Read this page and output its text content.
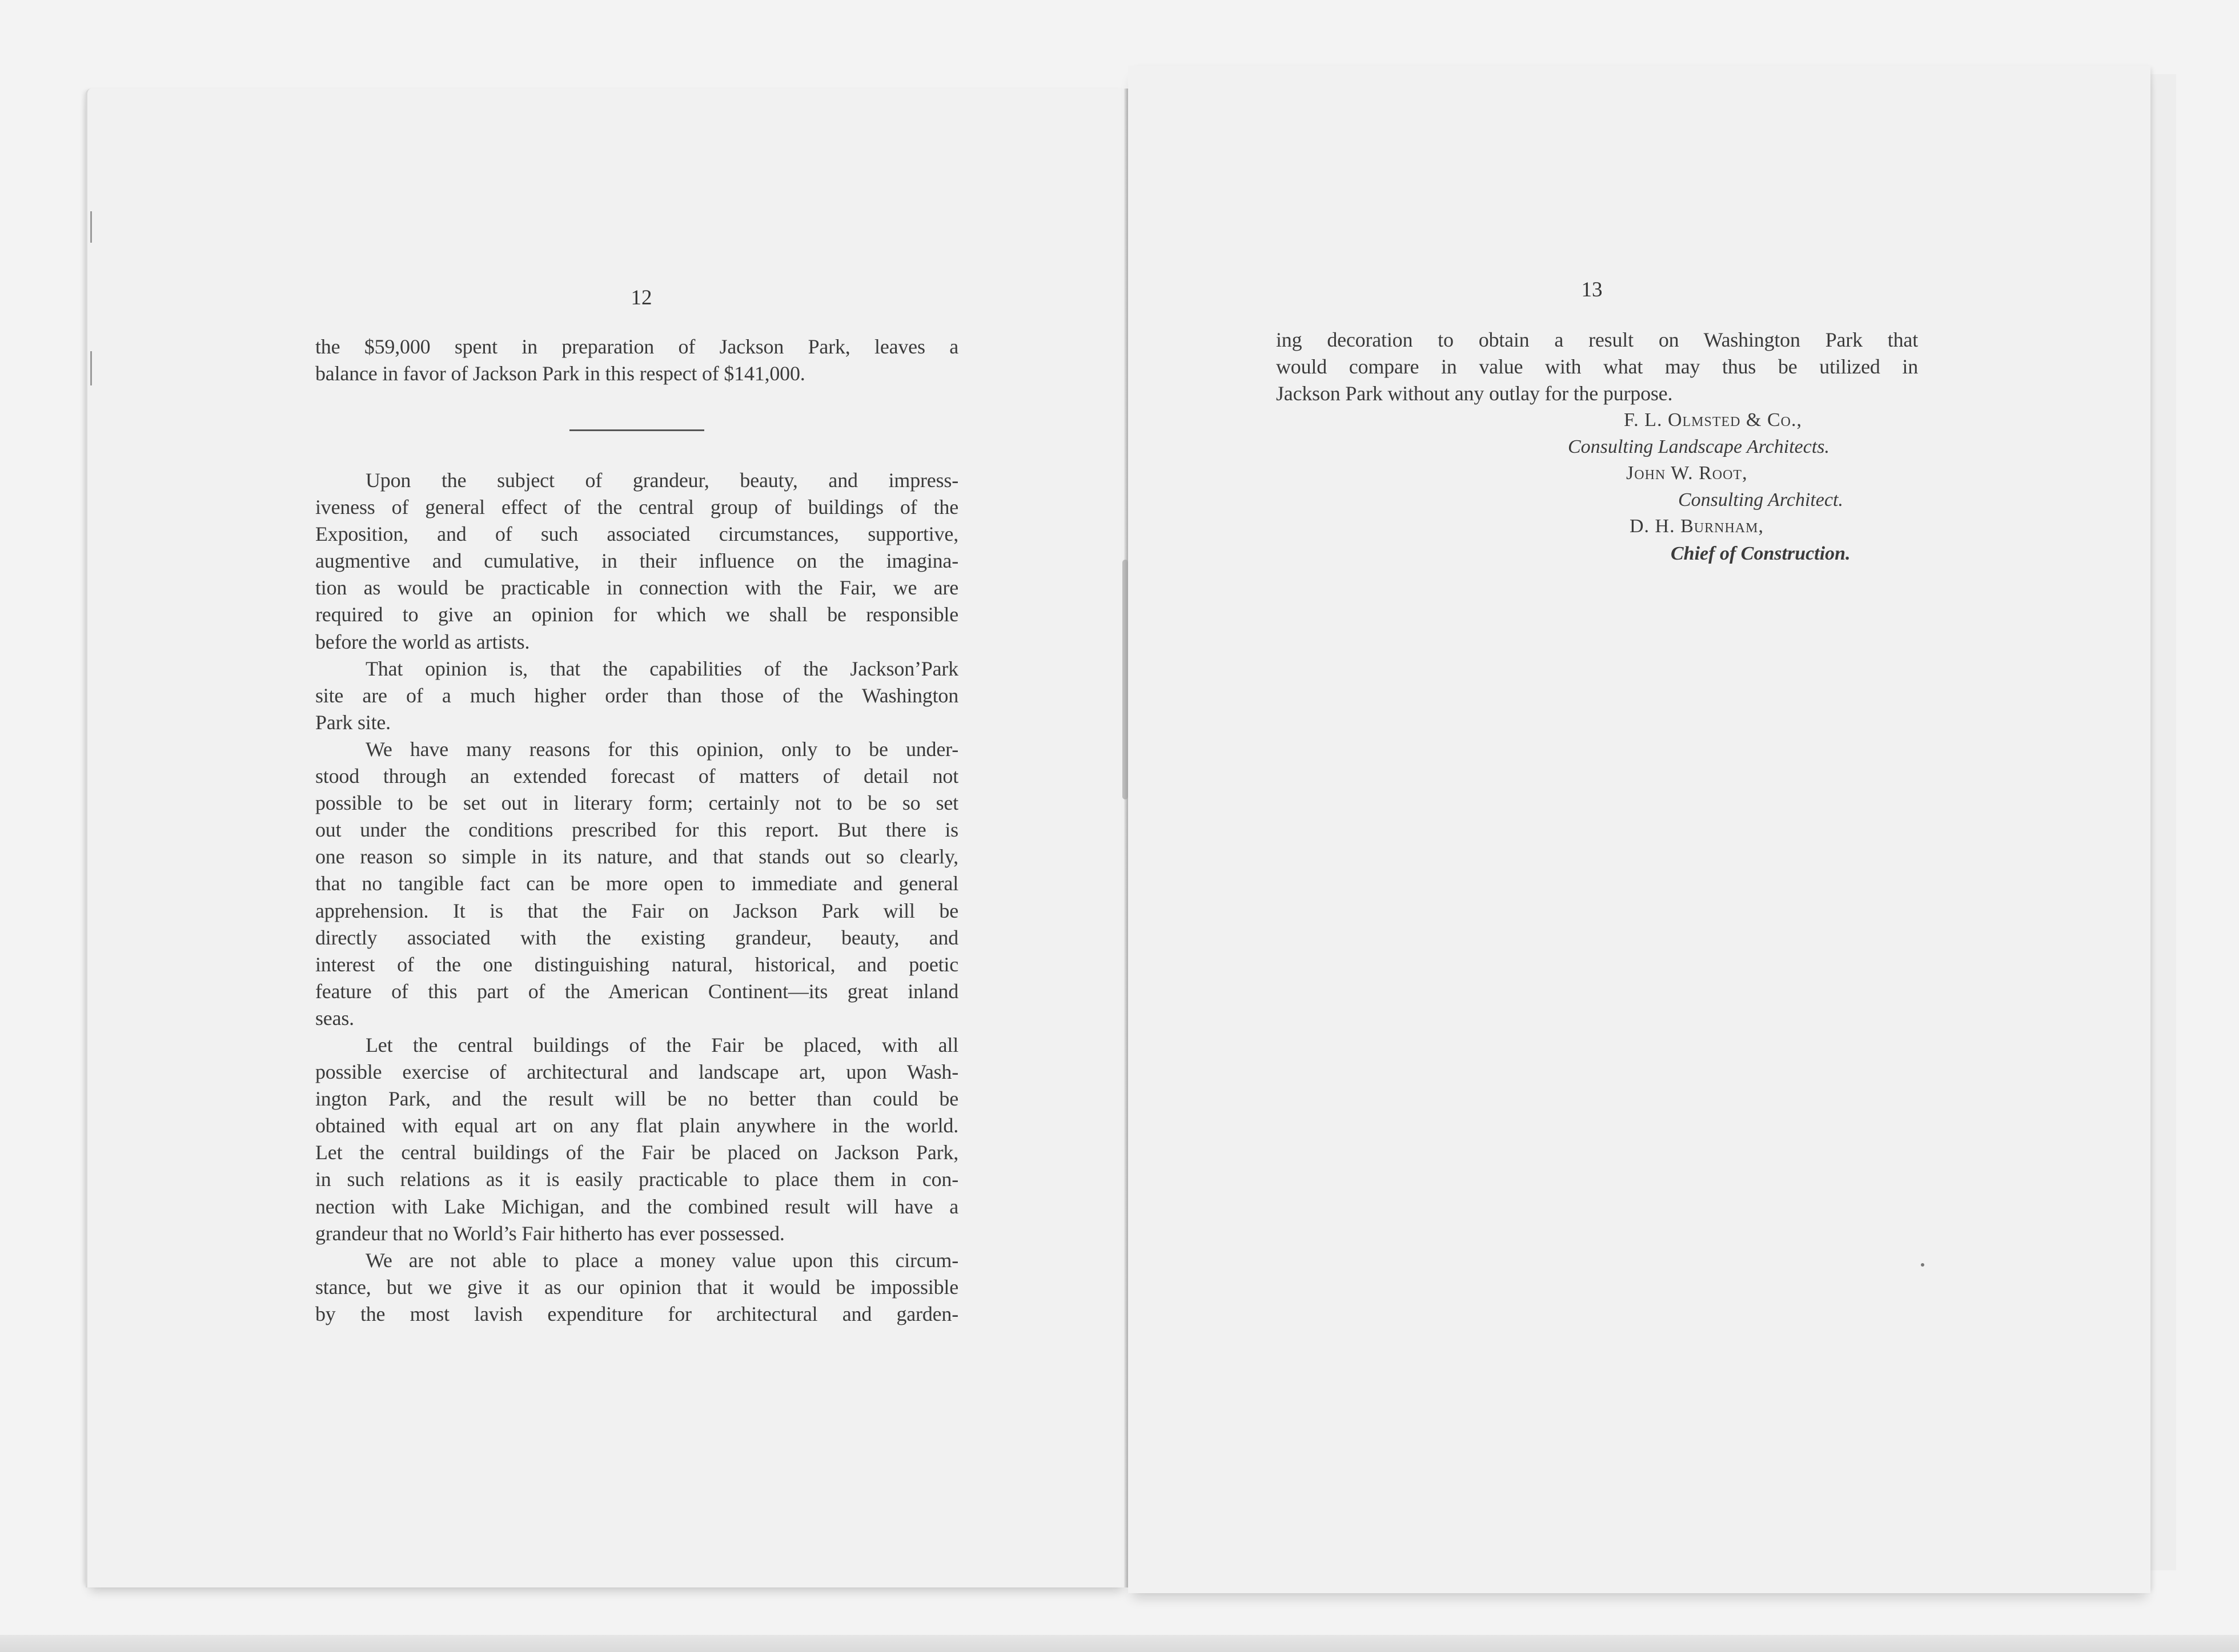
12
the $59,000 spent in preparation of Jackson Park, leaves a
balance in favor of Jackson Park in this respect of $141,000.
Upon the subject of grandeur, beauty, and impress-
iveness of general effect of the central group of buildings of the
Exposition, and of such associated circumstances, supportive,
augmentive and cumulative, in their influence on the imagina-
tion as would be practicable in connection with the Fair, we are
required to give an opinion for which we shall be responsible
before the world as artists.
That opinion is, that the capabilities of the Jackson’Park
site are of a much higher order than those of the Washington
Park site.
We have many reasons for this opinion, only to be under-
stood through an extended forecast of matters of detail not
possible to be set out in literary form; certainly not to be so set
out under the conditions prescribed for this report. But there is
one reason so simple in its nature, and that stands out so clearly,
that no tangible fact can be more open to immediate and general
apprehension. It is that the Fair on Jackson Park will be
directly associated with the existing grandeur, beauty, and
interest of the one distinguishing natural, historical, and poetic
feature of this part of the American Continent—its great inland
seas.
Let the central buildings of the Fair be placed, with all
possible exercise of architectural and landscape art, upon Wash-
ington Park, and the result will be no better than could be
obtained with equal art on any flat plain anywhere in the world.
Let the central buildings of the Fair be placed on Jackson Park,
in such relations as it is easily practicable to place them in con-
nection with Lake Michigan, and the combined result will have a
grandeur that no World’s Fair hitherto has ever possessed.
We are not able to place a money value upon this circum-
stance, but we give it as our opinion that it would be impossible
by the most lavish expenditure for architectural and garden-
13
ing decoration to obtain a result on Washington Park that
would compare in value with what may thus be utilized in
Jackson Park without any outlay for the purpose.
F. L. Olmsted & Co.,
Consulting Landscape Architects.
John W. Root,
Consulting Architect.
D. H. Burnham,
Chief of Construction.
